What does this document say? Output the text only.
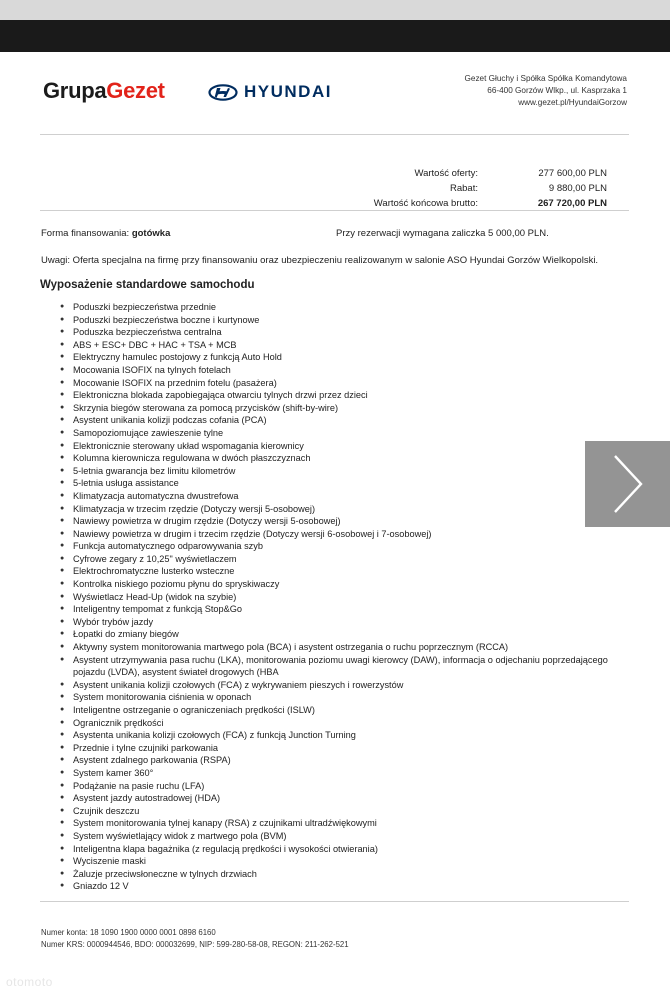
GrupaGezet	HYUNDAI
Gezet Głuchy i Spółka Spółka Komandytowa
66-400 Gorzów Wlkp., ul. Kasprzaka 1
www.gezet.pl/HyundaiGorzow
Wartość oferty:	277 600,00 PLN
Rabat:	9 880,00 PLN
Wartość końcowa brutto:	267 720,00 PLN
Forma finansowania: gotówka	Przy rezerwacji wymagana zaliczka 5 000,00 PLN.
Uwagi: Oferta specjalna na firmę przy finansowaniu oraz ubezpieczeniu realizowanym w salonie ASO Hyundai Gorzów Wielkopolski.
Wyposażenie standardowe samochodu
● Poduszki bezpieczeństwa przednie
● Poduszki bezpieczeństwa boczne i kurtynowe
● Poduszka bezpieczeństwa centralna
● ABS + ESC+ DBC + HAC + TSA + MCB
● Elektryczny hamulec postojowy z funkcją Auto Hold
● Mocowania ISOFIX na tylnych fotelach
● Mocowanie ISOFIX na przednim fotelu (pasażera)
● Elektroniczna blokada zapobiegająca otwarciu tylnych drzwi przez dzieci
● Skrzynia biegów sterowana za pomocą przycisków (shift-by-wire)
● Asystent unikania kolizji podczas cofania (PCA)
● Samopoziomujące zawieszenie tylne
● Elektronicznie sterowany układ wspomagania kierownicy
● Kolumna kierownicza regulowana w dwóch płaszczyznach
● 5-letnia gwarancja bez limitu kilometrów
● 5-letnia usługa assistance
● Klimatyzacja automatyczna dwustrefowa
● Klimatyzacja w trzecim rzędzie (Dotyczy wersji 5-osobowej)
● Nawiewy powietrza w drugim rzędzie (Dotyczy wersji 5-osobowej)
● Nawiewy powietrza w drugim i trzecim rzędzie (Dotyczy wersji 6-osobowej i 7-osobowej)
● Funkcja automatycznego odparowywania szyb
● Cyfrowe zegary z 10,25" wyświetlaczem
● Elektrochromatyczne lusterko wsteczne
● Kontrolka niskiego poziomu płynu do spryskiwaczy
● Wyświetlacz Head-Up (widok na szybie)
● Inteligentny tempomat z funkcją Stop&Go
● Wybór trybów jazdy
● Łopatki do zmiany biegów
● Aktywny system monitorowania martwego pola (BCA) i asystent ostrzegania o ruchu poprzecznym (RCCA)
● Asystent utrzymywania pasa ruchu (LKA), monitorowania poziomu uwagi kierowcy (DAW), informacja o odjechaniu poprzedającego pojazdu (LVDA), asystent świateł drogowych (HBA
● Asystent unikania kolizji czołowych (FCA) z wykrywaniem pieszych i rowerzystów
● System monitorowania ciśnienia w oponach
● Inteligentne ostrzeganie o ograniczeniach prędkości (ISLW)
● Ogranicznik prędkości
● Asystenta unikania kolizji czołowych (FCA) z funkcją Junction Turning
● Przednie i tylne czujniki parkowania
● Asystent zdalnego parkowania (RSPA)
● System kamer 360°
● Podążanie na pasie ruchu (LFA)
● Asystent jazdy autostradowej (HDA)
● Czujnik deszczu
● System monitorowania tylnej kanapy (RSA) z czujnikami ultradźwiękowymi
● System wyświetlający widok z martwego pola (BVM)
● Inteligentna klapa bagażnika (z regulacją prędkości i wysokości otwierania)
● Wyciszenie maski
● Żaluzje przeciwsłoneczne w tylnych drzwiach
● Gniazdo 12 V
Numer konta: 18 1090 1900 0000 0001 0898 6160
Numer KRS: 0000944546, BDO: 000032699, NIP: 599-280-58-08, REGON: 211-262-521
otomoto
